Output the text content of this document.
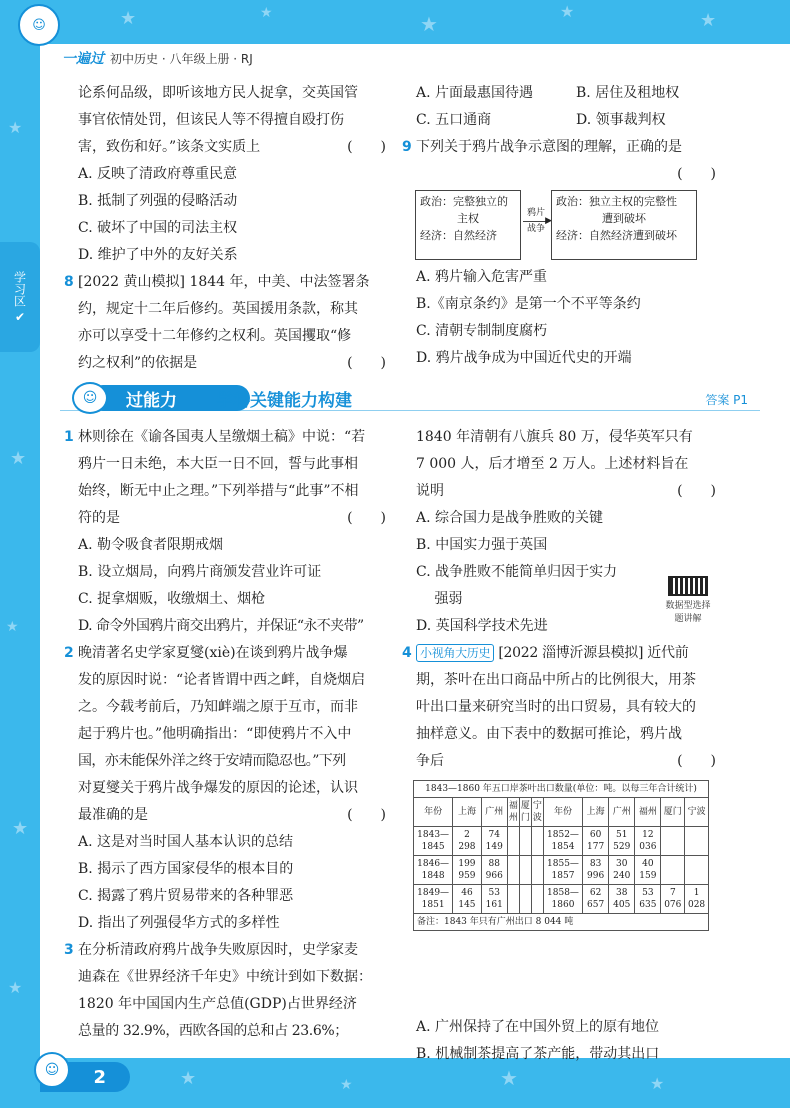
★	★	★
★	★
★
★
★
★
★
★	★	★	★
☺
一遍过 初中历史 · 八年级上册 · RJ
学习区
✔

论系何品级，即听该地方民人捉拿，交英国管

事官依情处罚，但该民人等不得擅自殴打伤

害，致伤和好。”该条文实质上	(　　)

A. 反映了清政府尊重民意

B. 抵制了列强的侵略活动

C. 破坏了中国的司法主权

D. 维护了中外的友好关系

8 [2022 黄山模拟] 1844 年，中美、中法签署条

约，规定十二年后修约。英国援用条款，称其

亦可以享受十二年修约之权利。英国攫取“修

约之权利”的依据是	(　　)

A. 片面最惠国待遇	B. 居住及租地权

C. 五口通商	D. 领事裁判权

9 下列关于鸦片战争示意图的理解，正确的是

(　　)

政治：完整独立的
主权
经济：自然经济
鸦片
▶
战争
政治：独立主权的完整性
遭到破坏
经济：自然经济遭到破坏

A. 鸦片输入危害严重

B.《南京条约》是第一个不平等条约

C. 清朝专制制度腐朽

D. 鸦片战争成为中国近代史的开端

过能力
☺	学科关键能力构建	答案 P1

1 林则徐在《谕各国夷人呈缴烟土稿》中说：“若

鸦片一日未绝，本大臣一日不回，誓与此事相

始终，断无中止之理。”下列举措与“此事”不相

符的是	(　　)

A. 勒令吸食者限期戒烟

B. 设立烟局，向鸦片商颁发营业许可证

C. 捉拿烟贩，收缴烟土、烟枪

D. 命令外国鸦片商交出鸦片，并保证“永不夹带”

2 晚清著名史学家夏燮(xiè)在谈到鸦片战争爆

发的原因时说：“论者皆谓中西之衅，自烧烟启

之。今载考前后，乃知衅端之原于互市，而非

起于鸦片也。”他明确指出：“即使鸦片不入中

国，亦未能保外洋之终于安靖而隐忍也。”下列

对夏燮关于鸦片战争爆发的原因的论述，认识

最准确的是	(　　)

A. 这是对当时国人基本认识的总结

B. 揭示了西方国家侵华的根本目的

C. 揭露了鸦片贸易带来的各种罪恶

D. 指出了列强侵华方式的多样性

3 在分析清政府鸦片战争失败原因时，史学家麦

迪森在《世界经济千年史》中统计到如下数据：

1820 年中国国内生产总值(GDP)占世界经济

总量的 32.9%，西欧各国的总和占 23.6%；

1840 年清朝有八旗兵 80 万，侵华英军只有

7 000 人，后才增至 2 万人。上述材料旨在

说明	(　　)

A. 综合国力是战争胜败的关键

B. 中国实力强于英国

C. 战争胜败不能简单归因于实力

　 强弱

D. 英国科学技术先进

4 小视角大历史 [2022 淄博沂源县模拟] 近代前

期，茶叶在出口商品中所占的比例很大，用茶

叶出口量来研究当时的出口贸易，具有较大的

抽样意义。由下表中的数据可推论，鸦片战

争后	(　　)

数据型选择
题讲解
1843—1860 年五口岸茶叶出口数量(单位：吨。以每三年合计统计)											
年份	上海	广州	福州	厦门	宁波	年份	上海	广州	福州	厦门	宁波
1843—1845	2 298	74 149				1852—1854	60 177	51 529	12 036		
1846—1848	199 959	88 966				1855—1857	83 996	30 240	40 159		
1849—1851	46 145	53 161				1858—1860	62 657	38 405	53 635	7 076	1 028
备注：1843 年只有广州出口 8 044 吨											

A. 广州保持了在中国外贸上的原有地位

B. 机械制茶提高了茶产能，带动其出口

2
☺
